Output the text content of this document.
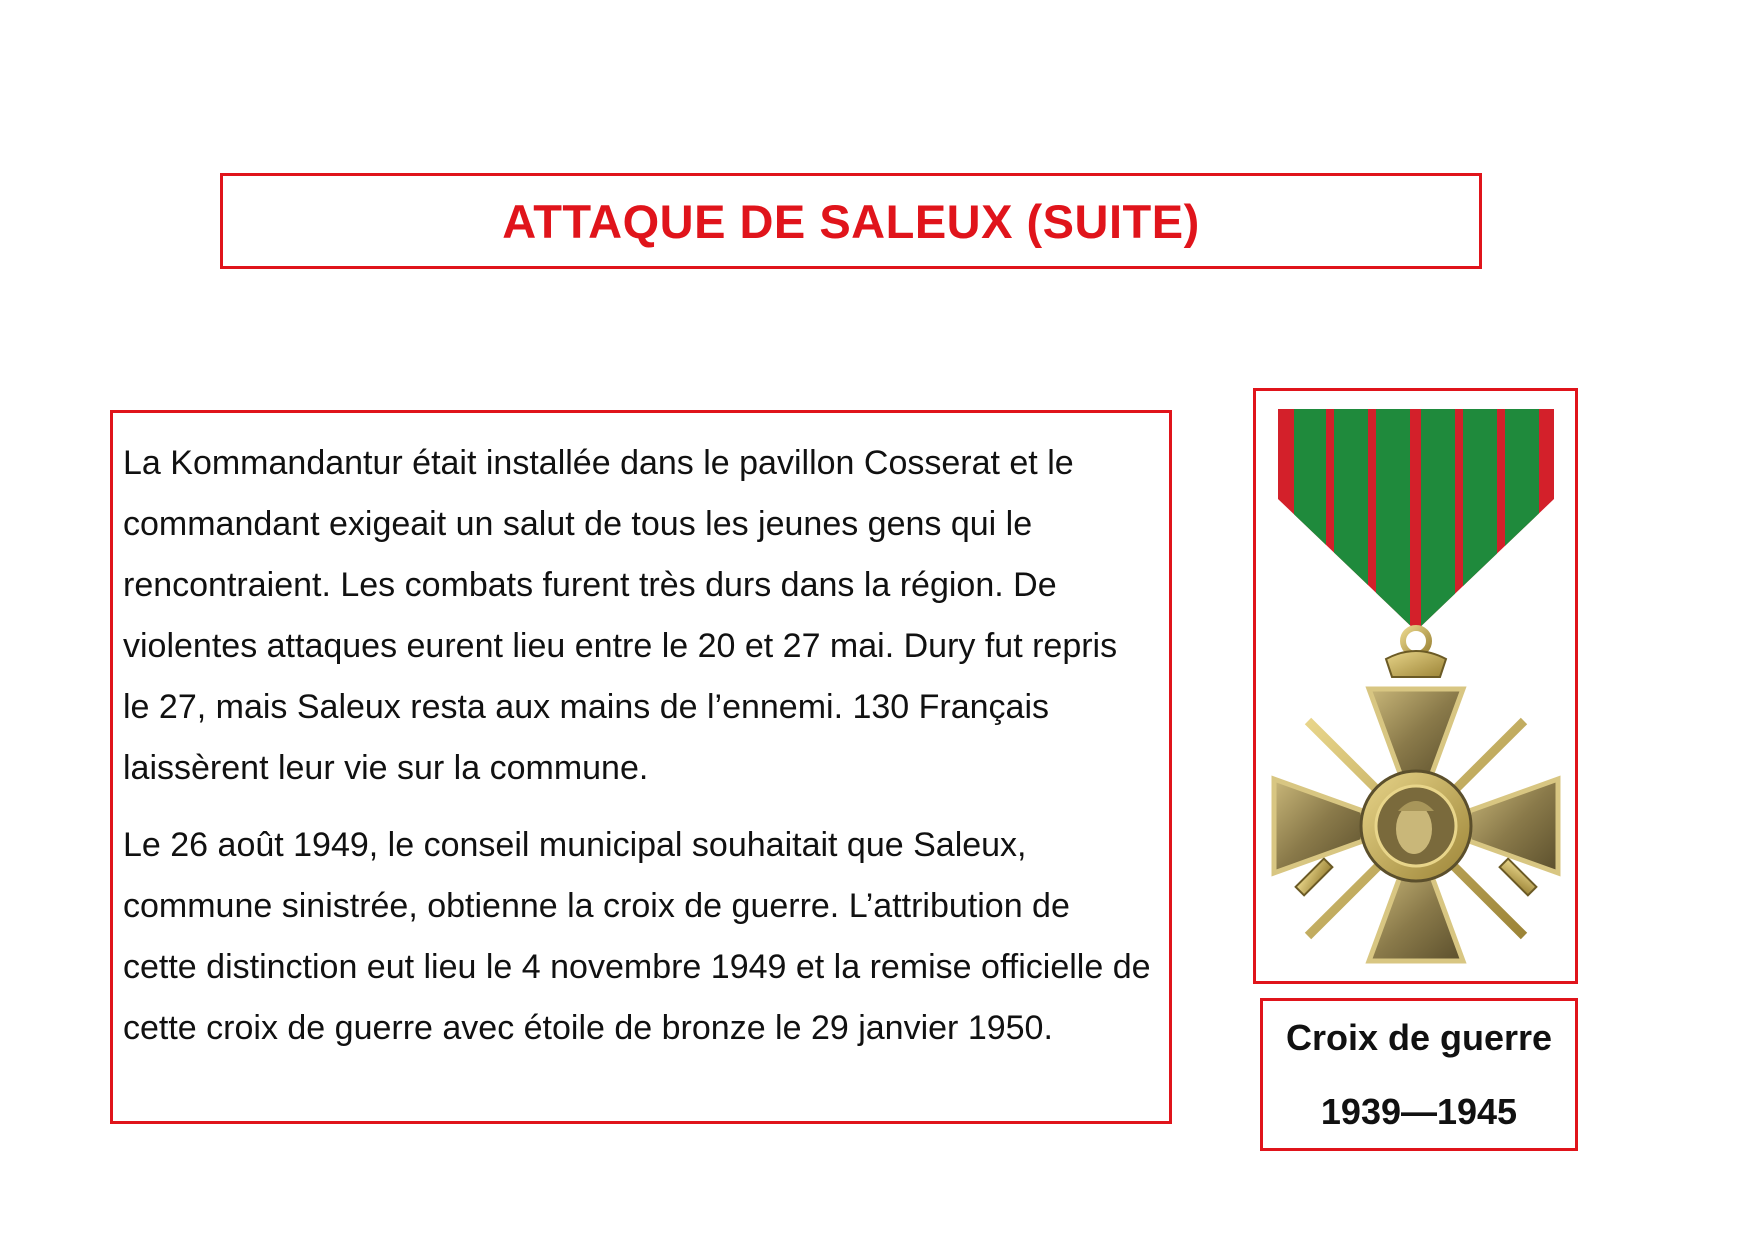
ATTAQUE DE SALEUX (SUITE)

La Kommandantur était installée dans le pavillon Cosserat et le commandant exigeait un salut de tous les jeunes gens qui le rencontraient. Les combats furent très durs dans la région. De violentes attaques eurent lieu entre le 20 et 27 mai. Dury fut repris le 27, mais Saleux resta aux mains de l’ennemi. 130 Français laissèrent leur vie sur la commune.

Le 26 août 1949, le conseil municipal souhaitait que Saleux, commune sinistrée, obtienne la croix de guerre. L’attribution de cette distinction eut lieu le 4 novembre 1949 et la remise officielle de cette croix de guerre avec étoile de bronze le 29 janvier 1950.	Croix de guerre
1939—1945
